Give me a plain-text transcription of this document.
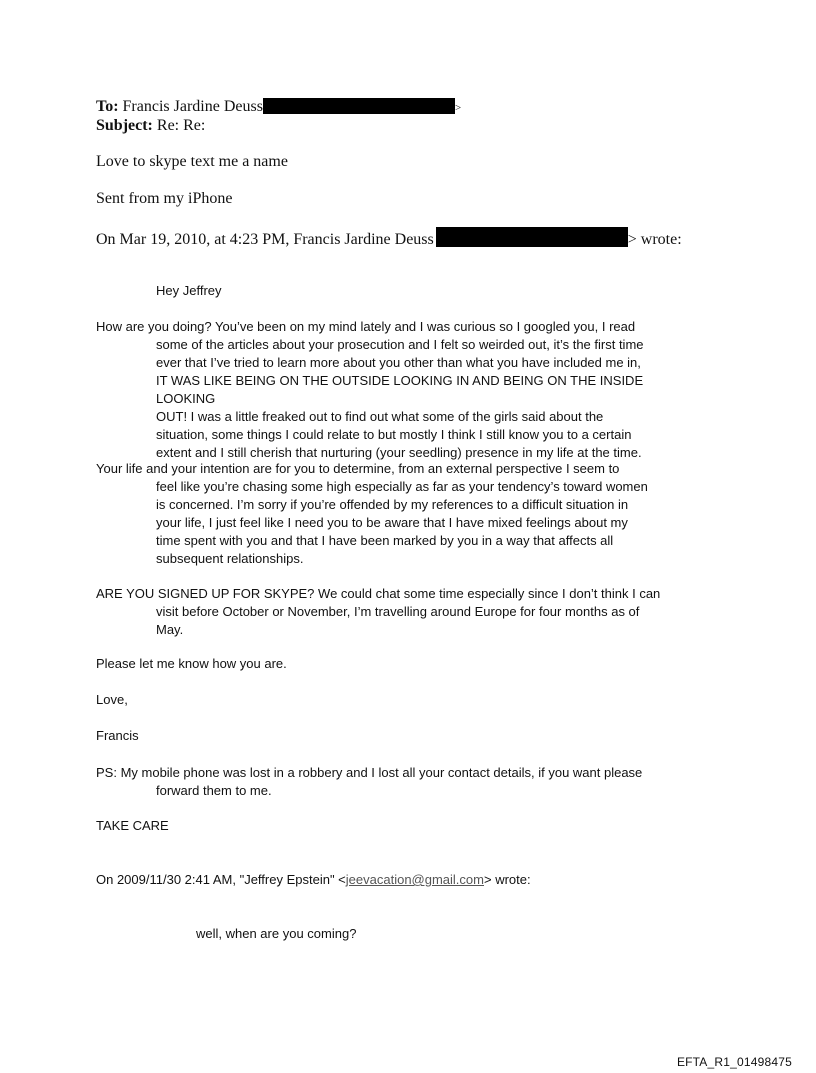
To: Francis Jardine Deuss	>
Subject: Re: Re:
Love to skype text me a name
Sent from my iPhone
On Mar 19, 2010, at 4:23 PM, Francis Jardine Deuss	> wrote:
Hey Jeffrey
How are you doing? You’ve been on my mind lately and I was curious so I googled you, I read
some of the articles about your prosecution and I felt so weirded out, it’s the first time
ever that I’ve tried to learn more about you other than what you have included me in,
IT WAS LIKE BEING ON THE OUTSIDE LOOKING IN AND BEING ON THE INSIDE LOOKING
OUT! I was a little freaked out to find out what some of the girls said about the
situation, some things I could relate to but mostly I think I still know you to a certain
extent and I still cherish that nurturing (your seedling) presence in my life at the time.
Your life and your intention are for you to determine, from an external perspective I seem to
feel like you’re chasing some high especially as far as your tendency’s toward women
is concerned. I’m sorry if you’re offended by my references to a difficult situation in
your life, I just feel like I need you to be aware that I have mixed feelings about my
time spent with you and that I have been marked by you in a way that affects all
subsequent relationships.
ARE YOU SIGNED UP FOR SKYPE? We could chat some time especially since I don’t think I can
visit before October or November, I’m travelling around Europe for four months as of
May.
Please let me know how you are.
Love,
Francis
PS: My mobile phone was lost in a robbery and I lost all your contact details, if you want please
forward them to me.
TAKE CARE
On 2009/11/30 2:41 AM, "Jeffrey Epstein" <jeevacation@gmail.com> wrote:
well, when are you coming?
EFTA_R1_01498475
